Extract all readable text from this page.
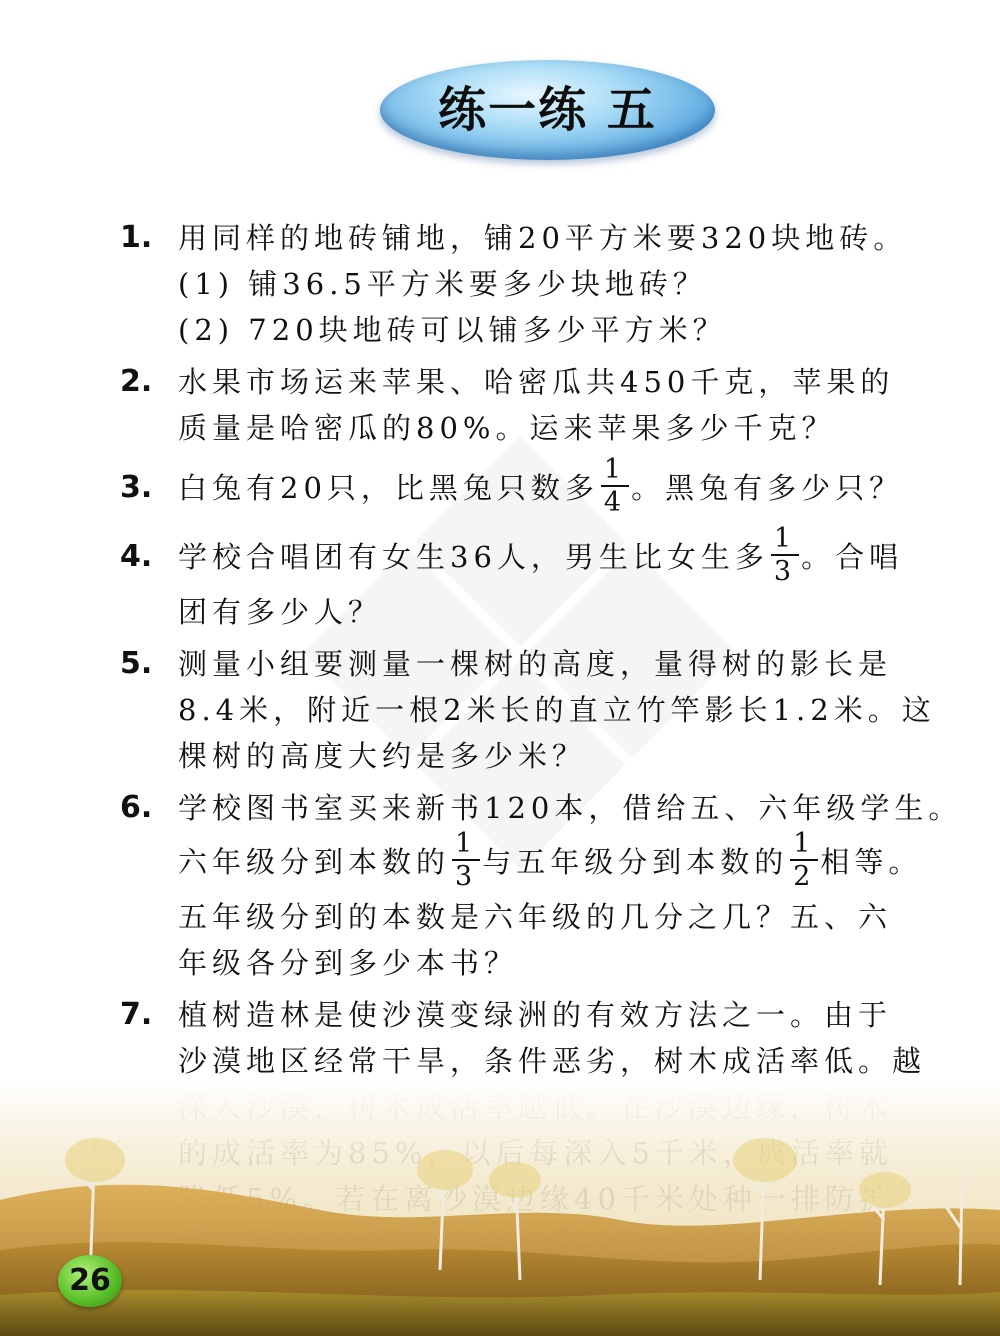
练一练 五
1. 用同样的地砖铺地，铺20平方米要320块地砖。
(1) 铺36.5平方米要多少块地砖？
(2) 720块地砖可以铺多少平方米？
2. 水果市场运来苹果、哈密瓜共450千克，苹果的
质量是哈密瓜的80%。运来苹果多少千克？
3. 白兔有20只，比黑兔只数多 $\frac{1}{4}$ 。黑兔有多少只？
4. 学校合唱团有女生36人，男生比女生多 $\frac{1}{3}$ 。合唱
团有多少人？
5. 测量小组要测量一棵树的高度，量得树的影长是
8.4米，附近一根2米长的直立竹竿影长1.2米。这
棵树的高度大约是多少米？
6. 学校图书室买来新书120本，借给五、六年级学生。
六年级分到本数的 $\frac{1}{3}$ 与五年级分到本数的 $\frac{1}{2}$ 相等。
五年级分到的本数是六年级的几分之几？五、六
年级各分到多少本书？
7. 植树造林是使沙漠变绿洲的有效方法之一。由于
沙漠地区经常干旱，条件恶劣，树木成活率低。越
26
